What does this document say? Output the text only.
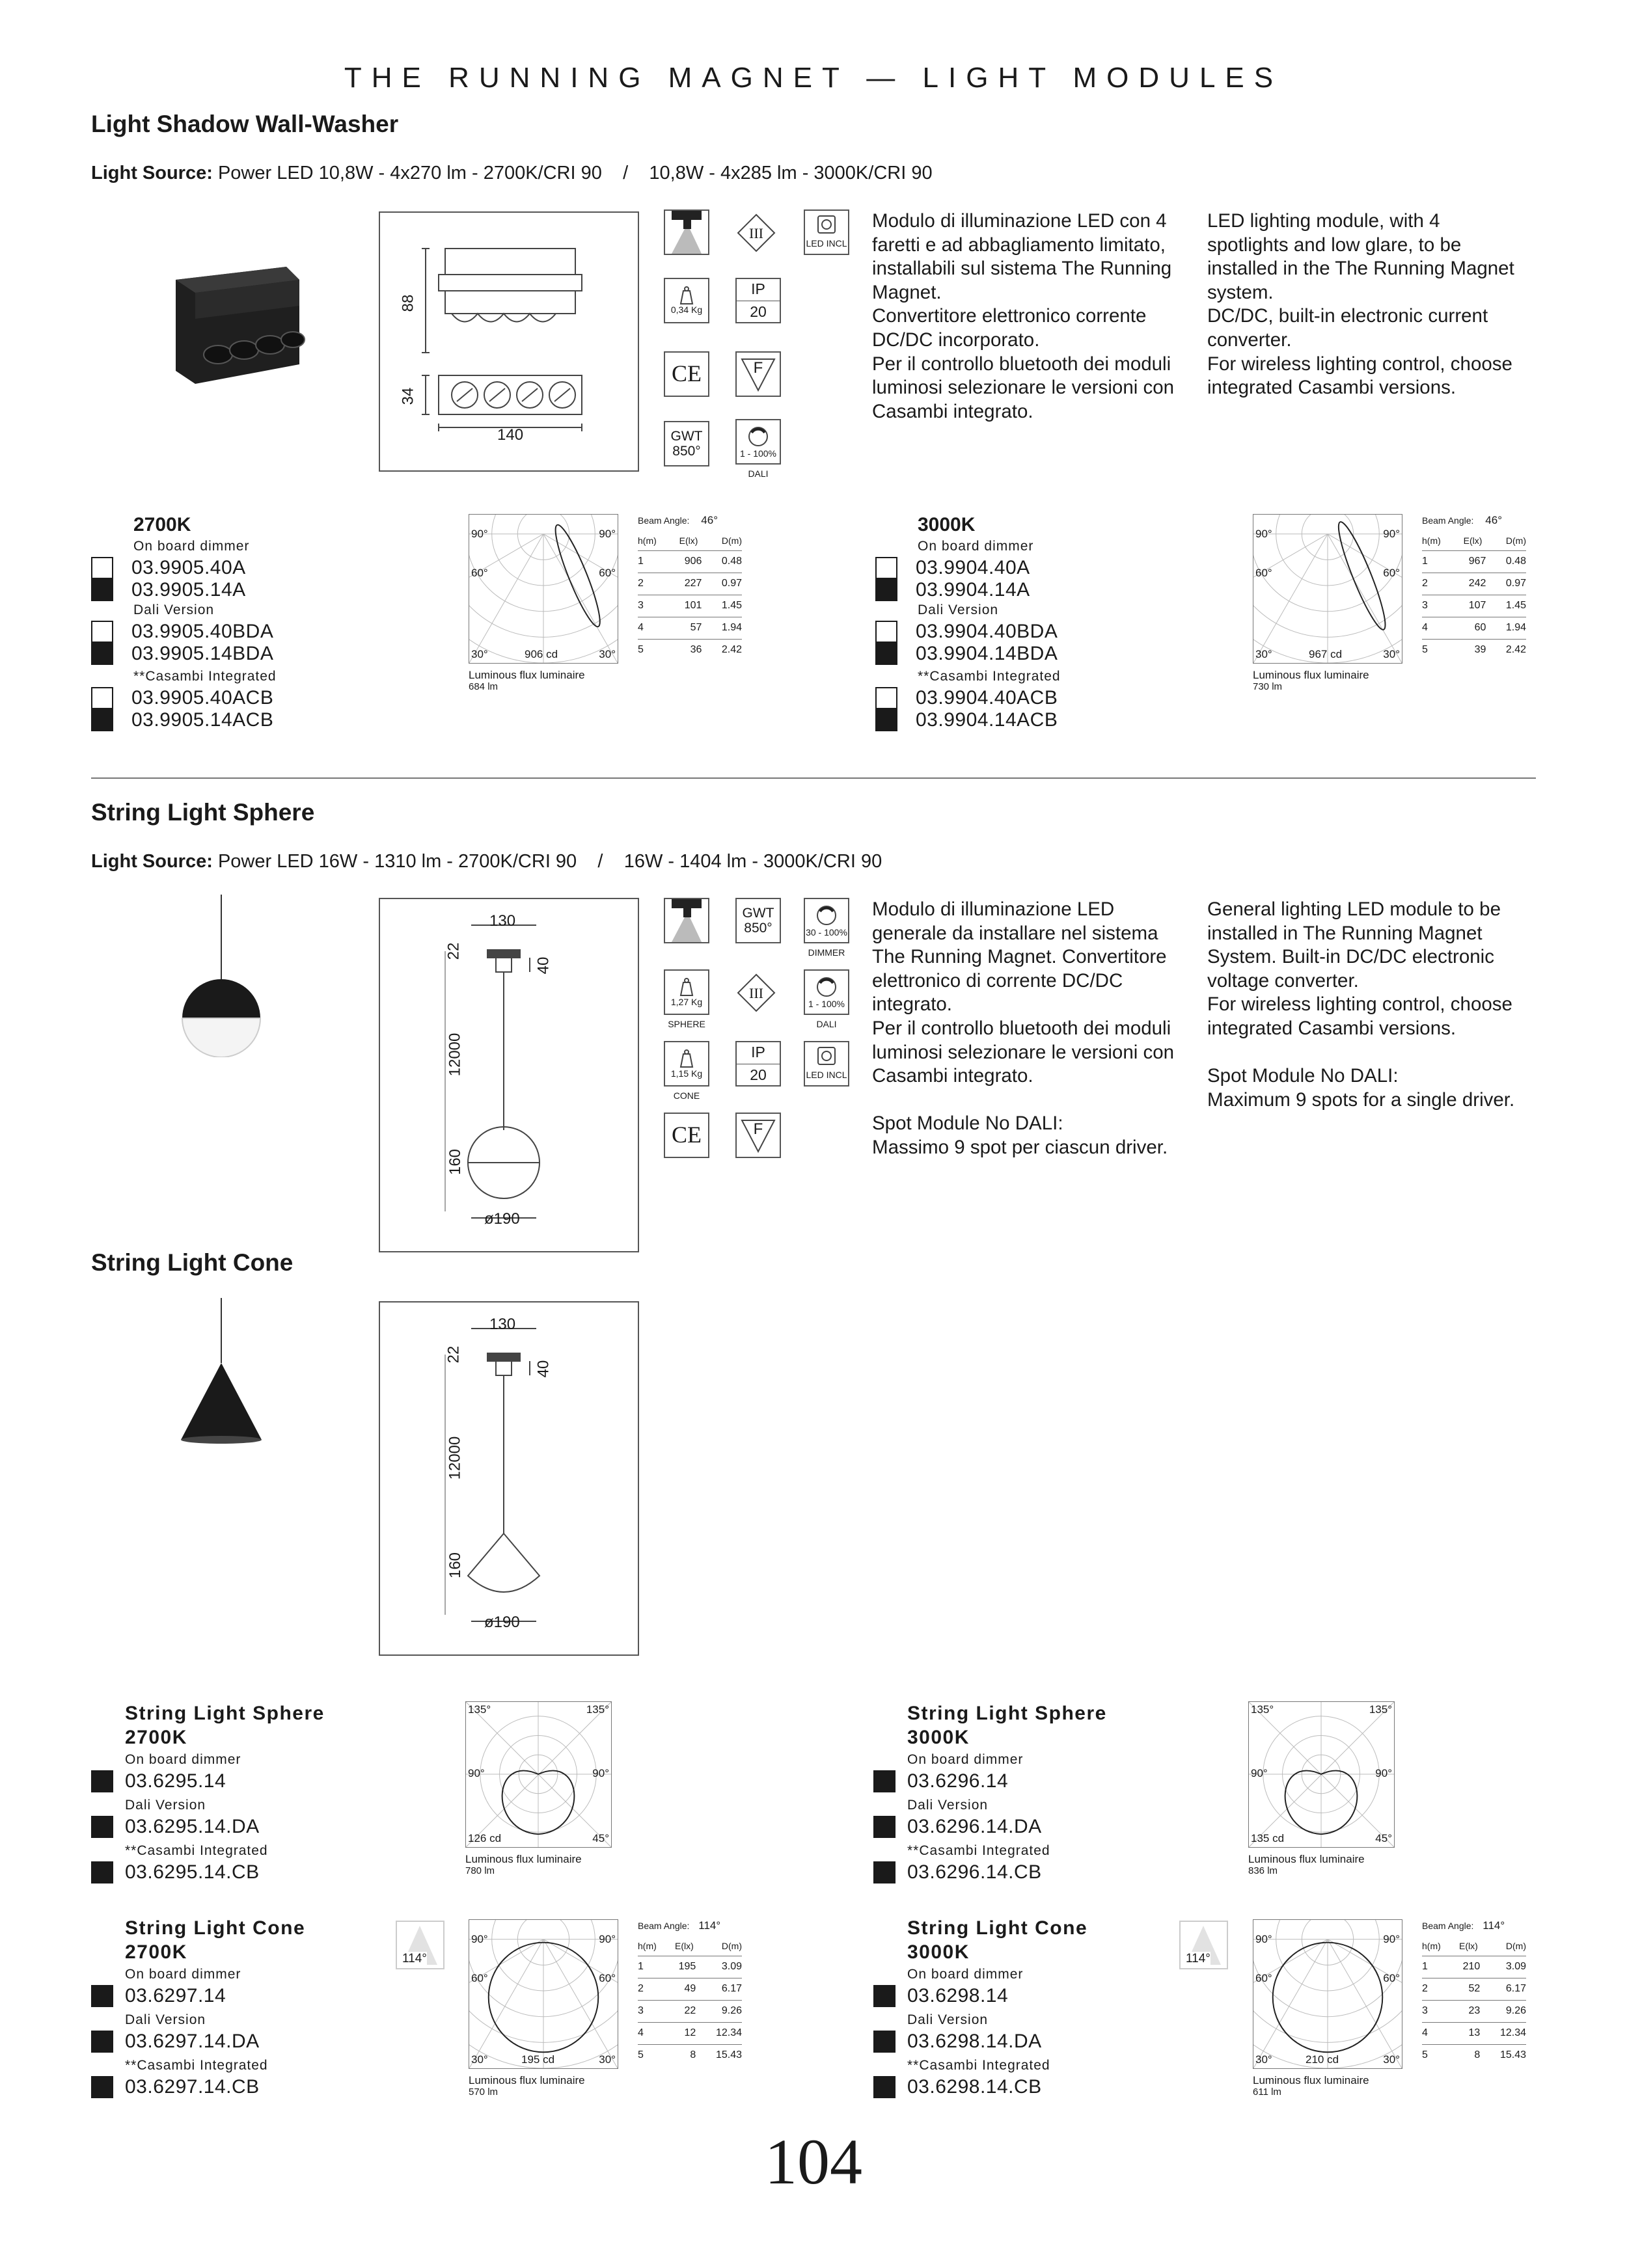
THE RUNNING MAGNET — LIGHT MODULES
Light Shadow Wall-Washer
Light Source: Power LED 10,8W - 4x270 lm - 2700K/CRI 90    /    10,8W - 4x285 lm - 3000K/CRI 90
88
34
140
III
LED INCL
0,34 Kg
IP
20
CE	F
GWT
850°	1 - 100%
DALI
Modulo di illuminazione LED con 4
faretti e ad abbagliamento limitato,
installabili sul sistema The Running
Magnet.
Convertitore elettronico corrente
DC/DC incorporato.
Per il controllo bluetooth dei moduli
luminosi selezionare le versioni con
Casambi integrato.
LED lighting module, with 4
spotlights and low glare, to be
installed in the The Running Magnet
system.
DC/DC, built-in electronic current
converter.
For wireless lighting control, choose
integrated Casambi versions.
2700K
On board dimmer
03.9905.40A
03.9905.14A
Dali Version
03.9905.40BDA
03.9905.14BDA
**Casambi Integrated
03.9905.40ACB
03.9905.14ACB
90°	90°
60°	60°
30°	906 cd	30°
Luminous flux luminaire
684 lm
Beam Angle: 46°
h(m)	E(lx)	D(m)
1	906	0.48
2	227	0.97
3	101	1.45
4	57	1.94
5	36	2.42
3000K
On board dimmer
03.9904.40A
03.9904.14A
Dali Version
03.9904.40BDA
03.9904.14BDA
**Casambi Integrated
03.9904.40ACB
03.9904.14ACB
90°	90°
60°	60°
30°	967 cd	30°
Luminous flux luminaire
730 lm
Beam Angle: 46°
h(m)	E(lx)	D(m)
1	967	0.48
2	242	0.97
3	107	1.45
4	60	1.94
5	39	2.42
String Light Sphere
Light Source: Power LED 16W - 1310 lm - 2700K/CRI 90    /    16W - 1404 lm - 3000K/CRI 90
130
22
40
12000
160
ø190
GWT
850°	30 - 100%
DIMMER
1,27 Kg
SPHERE
III
1 - 100%
DALI
1,15 Kg
CONE
IP
20	LED INCL
CE	F
Modulo di illuminazione LED
generale da installare nel sistema
The Running Magnet. Convertitore
elettronico di corrente DC/DC
integrato.
Per il controllo bluetooth dei moduli
luminosi selezionare le versioni con
Casambi integrato.

Spot Module No DALI:
Massimo 9 spot per ciascun driver.
General lighting LED module to be
installed in The Running Magnet
System. Built-in DC/DC electronic
voltage converter.
For wireless lighting control, choose
integrated Casambi versions.

Spot Module No DALI:
Maximum 9 spots for a single driver.
String Light Cone
130
22
40
12000
160
ø190
String Light Sphere
2700K
On board dimmer
03.6295.14
Dali Version
03.6295.14.DA
**Casambi Integrated
03.6295.14.CB
135°	135°
90°	90°
126 cd	45°
Luminous flux luminaire
780 lm
String Light Sphere
3000K
On board dimmer
03.6296.14
Dali Version
03.6296.14.DA
**Casambi Integrated
03.6296.14.CB
135°	135°
90°	90°
135 cd	45°
Luminous flux luminaire
836 lm
String Light Cone
2700K
On board dimmer
03.6297.14
Dali Version
03.6297.14.DA
**Casambi Integrated
03.6297.14.CB
114°
90°	90°
60°	60°
30°	195 cd	30°
Luminous flux luminaire
570 lm
Beam Angle: 114°
h(m)	E(lx)	D(m)
1	195	3.09
2	49	6.17
3	22	9.26
4	12	12.34
5	8	15.43
String Light Cone
3000K
On board dimmer
03.6298.14
Dali Version
03.6298.14.DA
**Casambi Integrated
03.6298.14.CB
114°
90°	90°
60°	60°
30°	210 cd	30°
Luminous flux luminaire
611 lm
Beam Angle: 114°
h(m)	E(lx)	D(m)
1	210	3.09
2	52	6.17
3	23	9.26
4	13	12.34
5	8	15.43
104
